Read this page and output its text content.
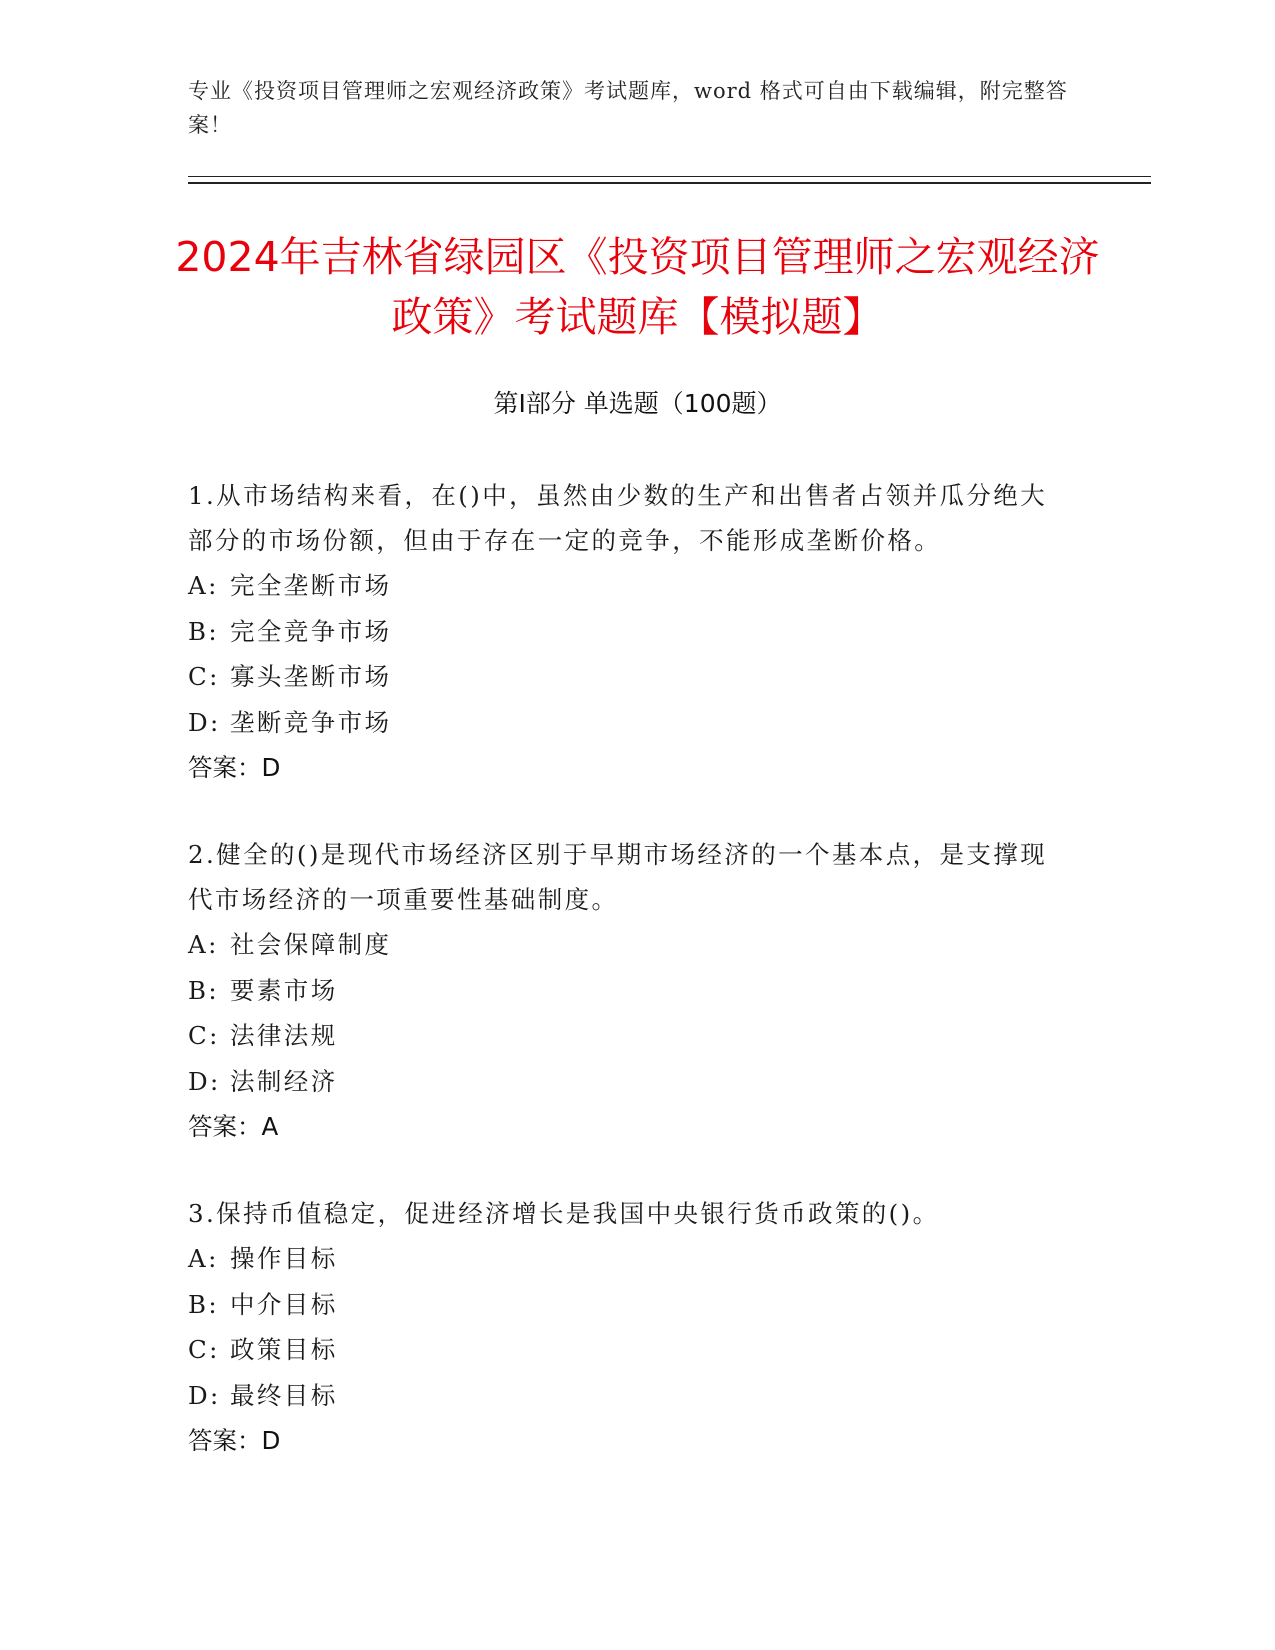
专业《投资项目管理师之宏观经济政策》考试题库，word 格式可自由下载编辑，附完整答案！
2024年吉林省绿园区《投资项目管理师之宏观经济政策》考试题库【模拟题】
第Ⅰ部分 单选题（100题）

1.从市场结构来看，在()中，虽然由少数的生产和出售者占领并瓜分绝大部分的市场份额，但由于存在一定的竞争，不能形成垄断价格。

A: 完全垄断市场

B: 完全竞争市场

C: 寡头垄断市场

D: 垄断竞争市场

答案：D

2.健全的()是现代市场经济区别于早期市场经济的一个基本点，是支撑现代市场经济的一项重要性基础制度。

A: 社会保障制度

B: 要素市场

C: 法律法规

D: 法制经济

答案：A

3.保持币值稳定，促进经济增长是我国中央银行货币政策的()。

A: 操作目标

B: 中介目标

C: 政策目标

D: 最终目标

答案：D
